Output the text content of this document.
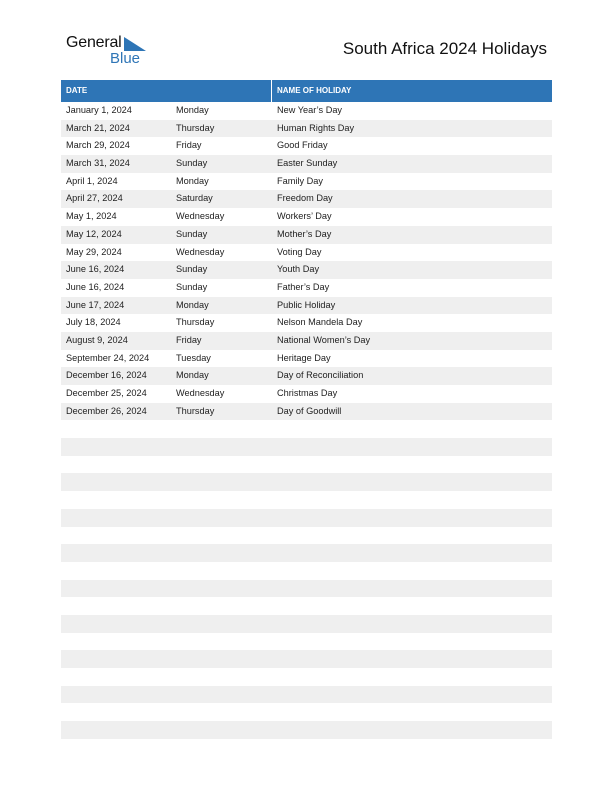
General
Blue
South Africa 2024 Holidays
DATE	NAME OF HOLIDAY
January 1, 2024	Monday	New Year’s Day
March 21, 2024	Thursday	Human Rights Day
March 29, 2024	Friday	Good Friday
March 31, 2024	Sunday	Easter Sunday
April 1, 2024	Monday	Family Day
April 27, 2024	Saturday	Freedom Day
May 1, 2024	Wednesday	Workers’ Day
May 12, 2024	Sunday	Mother’s Day
May 29, 2024	Wednesday	Voting Day
June 16, 2024	Sunday	Youth Day
June 16, 2024	Sunday	Father’s Day
June 17, 2024	Monday	Public Holiday
July 18, 2024	Thursday	Nelson Mandela Day
August 9, 2024	Friday	National Women’s Day
September 24, 2024	Tuesday	Heritage Day
December 16, 2024	Monday	Day of Reconciliation
December 25, 2024	Wednesday	Christmas Day
December 26, 2024	Thursday	Day of Goodwill
